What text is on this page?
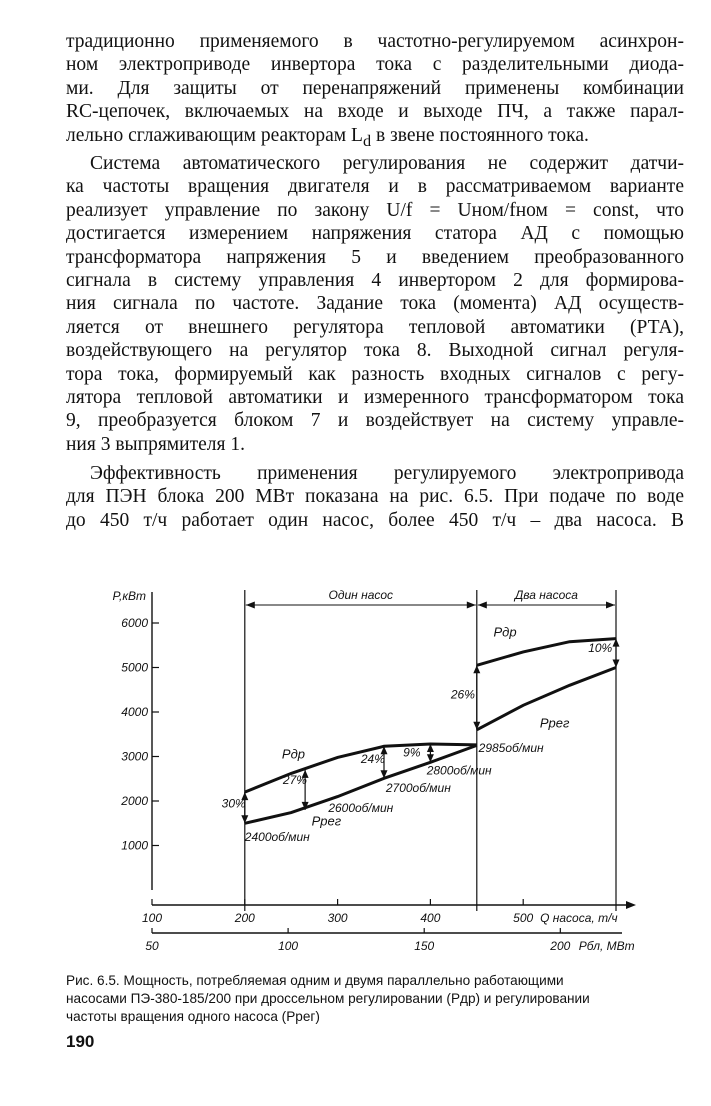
традиционно применяемого в частотно-регулируемом асинхрон-
ном электроприводе инвертора тока с разделительными диода-
ми. Для защиты от перенапряжений применены комбинации
RC-цепочек, включаемых на входе и выходе ПЧ, а также парал-
лельно сглаживающим реакторам $L_d$ в звене постоянного тока.
Система автоматического регулирования не содержит датчи-
ка частоты вращения двигателя и в рассматриваемом варианте
реализует управление по закону U/f = Uном/fном = const, что
достигается измерением напряжения статора АД с помощью
трансформатора напряжения 5 и введением преобразованного
сигнала в систему управления 4 инвертором 2 для формирова-
ния сигнала по частоте. Задание тока (момента) АД осуществ-
ляется от внешнего регулятора тепловой автоматики (РТА),
воздействующего на регулятор тока 8. Выходной сигнал регуля-
тора тока, формируемый как разность входных сигналов с регу-
лятора тепловой автоматики и измеренного трансформатором тока
9, преобразуется блоком 7 и воздействует на систему управле-
ния 3 выпрямителя 1.
Эффективность применения регулируемого электропривода
для ПЭН блока 200 МВт показана на рис. 6.5. При подаче по воде
до 450 т/ч работает один насос, более 450 т/ч – два насоса. В
P,кВт
1000
2000
3000
4000
5000
6000
100	200	300	400	500 Q насоса, т/ч
50	100	150	200 Pбл, МВт
Один насос	Два насоса
30%
27%
24% 9%
26%
10%
2400об/мин
2600об/мин
2700об/мин
2800об/мин
2985об/мин
Pдр
Pрег
Pдр
Pрег
Рис. 6.5. Мощность, потребляемая одним и двумя параллельно работающими
насосами ПЭ-380-185/200 при дроссельном регулировании (Pдр) и регулировании
частоты вращения одного насоса (Pрег)
190
